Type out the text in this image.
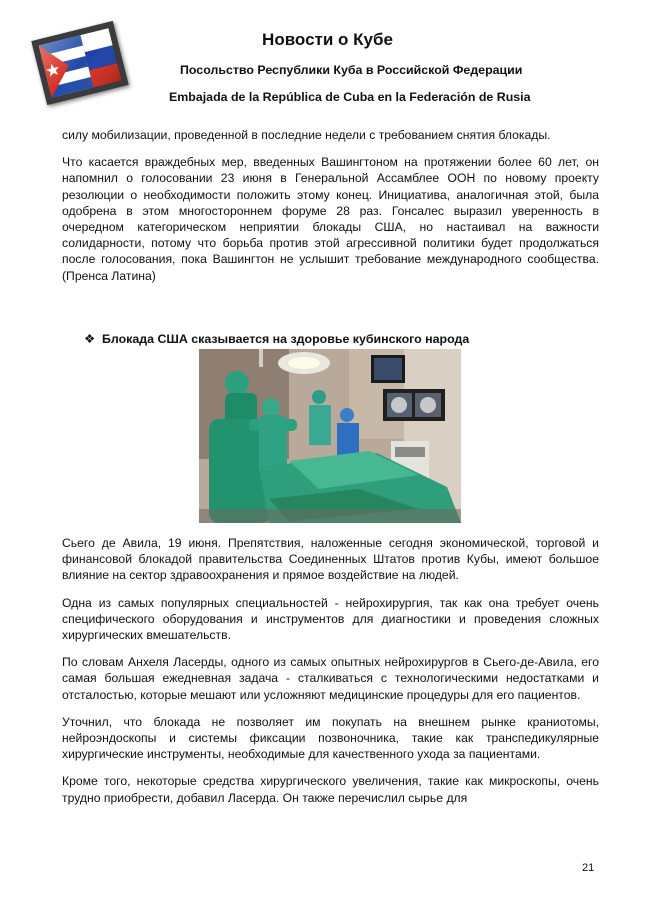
Новости о Кубе
Посольство Республики Куба в Российской Федерации
Embajada de la República de Cuba en la Federación de Rusia

силу мобилизации, проведенной в последние недели с требованием снятия блокады.

Что касается враждебных мер, введенных Вашингтоном на протяжении более 60 лет, он напомнил о голосовании 23 июня в Генеральной Ассамблее ООН по новому проекту резолюции о необходимости положить этому конец. Инициатива, аналогичная этой, была одобрена в этом многостороннем форуме 28 раз. Гонсалес выразил уверенность в очередном категорическом неприятии блокады США, но настаивал на важности солидарности, потому что борьба против этой агрессивной политики будет продолжаться после голосования, пока Вашингтон не услышит требование международного сообщества. (Пренса Латина)

❖ Блокада США сказывается на здоровье кубинского народа

Сьего де Авила, 19 июня. Препятствия, наложенные сегодня экономической, торговой и финансовой блокадой правительства Соединенных Штатов против Кубы, имеют большое влияние на сектор здравоохранения и прямое воздействие на людей.

Одна из самых популярных специальностей - нейрохирургия, так как она требует очень специфического оборудования и инструментов для диагностики и проведения сложных хирургических вмешательств.

По словам Анхеля Ласерды, одного из самых опытных нейрохирургов в Сьего-де-Авила, его самая большая ежедневная задача - сталкиваться с технологическими недостатками и отсталостью, которые мешают или усложняют медицинские процедуры для его пациентов.

Уточнил, что блокада не позволяет им покупать на внешнем рынке краниотомы, нейроэндоскопы и системы фиксации позвоночника, такие как транспедикулярные хирургические инструменты, необходимые для качественного ухода за пациентами.

Кроме того, некоторые средства хирургического увеличения, такие как микроскопы, очень трудно приобрести, добавил Ласерда. Он также перечислил сырье для

21
